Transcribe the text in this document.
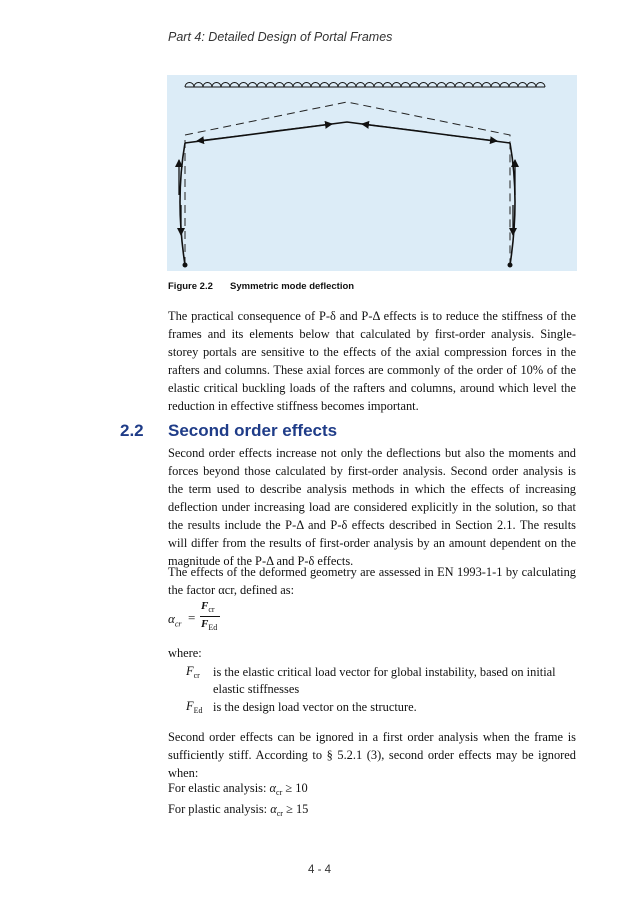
Part 4: Detailed Design of Portal Frames
Figure 2.2 Symmetric mode deflection

The practical consequence of P-δ and P-Δ effects is to reduce the stiffness of the frames and its elements below that calculated by first-order analysis. Single-storey portals are sensitive to the effects of the axial compression forces in the rafters and columns. These axial forces are commonly of the order of 10% of the elastic critical buckling loads of the rafters and columns, around which level the reduction in effective stiffness becomes important.

2.2 Second order effects

Second order effects increase not only the deflections but also the moments and forces beyond those calculated by first-order analysis. Second order analysis is the term used to describe analysis methods in which the effects of increasing deflection under increasing load are considered explicitly in the solution, so that the results include the P-Δ and P-δ effects described in Section 2.1. The results will differ from the results of first-order analysis by an amount dependent on the magnitude of the P-Δ and P-δ effects.

The effects of the deformed geometry are assessed in EN 1993-1-1 by calculating the factor αcr, defined as:

$\alpha_{cr}$ =
$F_{cr}$
$F_{Ed}$
where:
$F_{cr}$ is the elastic critical load vector for global instability, based on initial elastic stiffnesses
$F_{Ed}$ is the design load vector on the structure.

Second order effects can be ignored in a first order analysis when the frame is sufficiently stiff. According to § 5.2.1 (3), second order effects may be ignored when:

For elastic analysis: $\alpha_{cr} \ge 10$
For plastic analysis: $\alpha_{cr} \ge 15$
4 - 4
